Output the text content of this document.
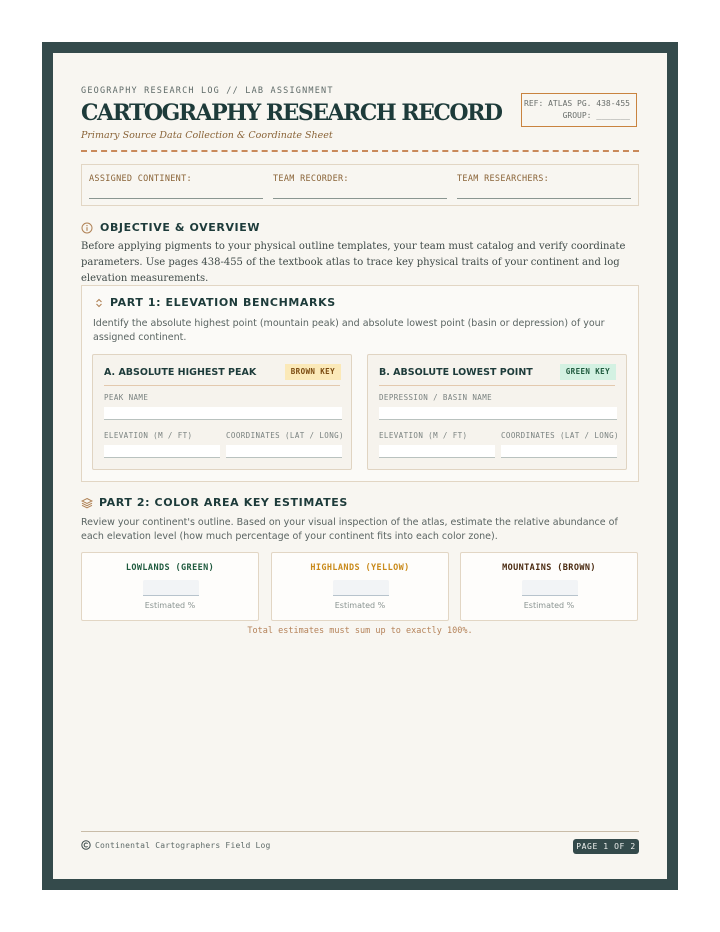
GEOGRAPHY RESEARCH LOG // LAB ASSIGNMENT
CARTOGRAPHY RESEARCH RECORD
Primary Source Data Collection & Coordinate Sheet
REF: ATLAS PG. 438-455
GROUP: _______
ASSIGNED CONTINENT:	TEAM RECORDER:	TEAM RESEARCHERS:
OBJECTIVE & OVERVIEW
Before applying pigments to your physical outline templates, your team must catalog and verify coordinate parameters. Use pages 438-455 of the textbook atlas to trace key physical traits of your continent and log elevation measurements.
PART 1: ELEVATION BENCHMARKS
Identify the absolute highest point (mountain peak) and absolute lowest point (basin or depression) of your assigned continent.
A. ABSOLUTE HIGHEST PEAK	BROWN KEY
PEAK NAME
ELEVATION (M / FT)	COORDINATES (LAT / LONG)
B. ABSOLUTE LOWEST POINT	GREEN KEY
DEPRESSION / BASIN NAME
ELEVATION (M / FT)	COORDINATES (LAT / LONG)
PART 2: COLOR AREA KEY ESTIMATES
Review your continent's outline. Based on your visual inspection of the atlas, estimate the relative abundance of each elevation level (how much percentage of your continent fits into each color zone).
LOWLANDS (GREEN)
Estimated %
HIGHLANDS (YELLOW)
Estimated %
MOUNTAINS (BROWN)
Estimated %
Total estimates must sum up to exactly 100%.
Continental Cartographers Field Log	PAGE 1 OF 2
